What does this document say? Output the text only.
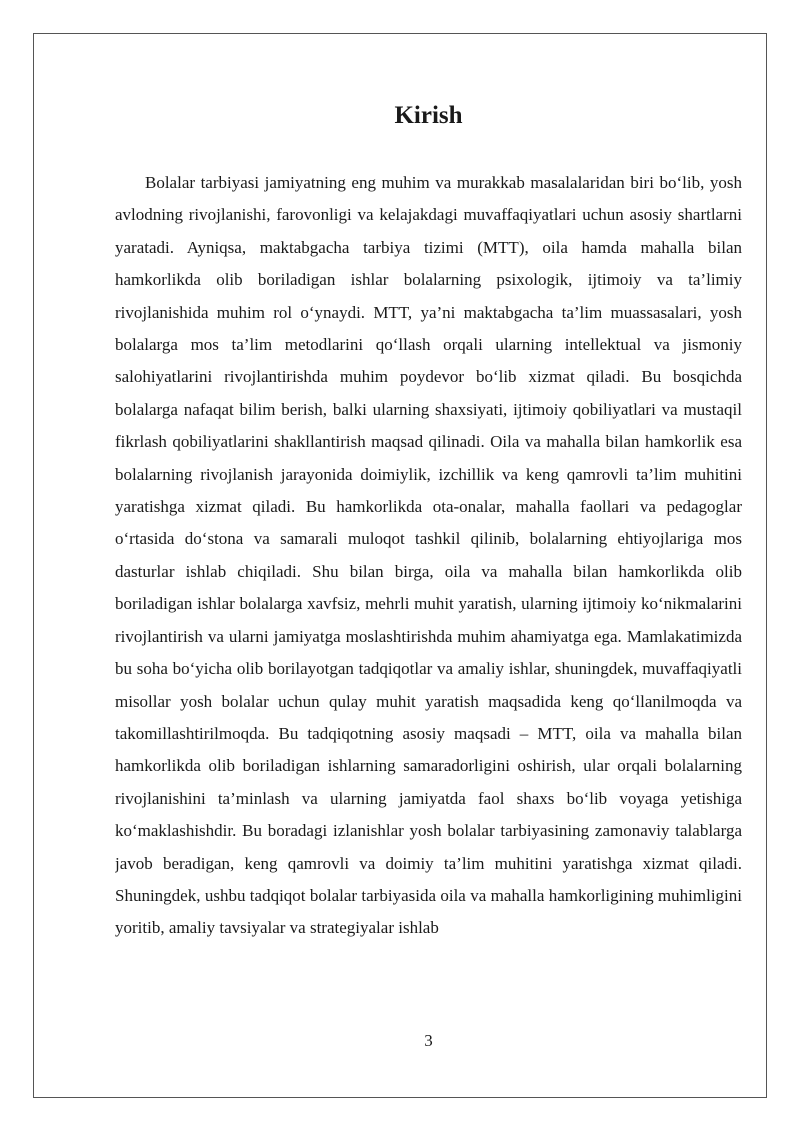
Kirish

Bolalar tarbiyasi jamiyatning eng muhim va murakkab masalalaridan biri bo‘lib, yosh avlodning rivojlanishi, farovonligi va kelajakdagi muvaffaqiyatlari uchun asosiy shartlarni yaratadi. Ayniqsa, maktabgacha tarbiya tizimi (MTT), oila hamda mahalla bilan hamkorlikda olib boriladigan ishlar bolalarning psixologik, ijtimoiy va ta’limiy rivojlanishida muhim rol o‘ynaydi. MTT, ya’ni maktabgacha ta’lim muassasalari, yosh bolalarga mos ta’lim metodlarini qo‘llash orqali ularning intellektual va jismoniy salohiyatlarini rivojlantirishda muhim poydevor bo‘lib xizmat qiladi. Bu bosqichda bolalarga nafaqat bilim berish, balki ularning shaxsiyati, ijtimoiy qobiliyatlari va mustaqil fikrlash qobiliyatlarini shakllantirish maqsad qilinadi. Oila va mahalla bilan hamkorlik esa bolalarning rivojlanish jarayonida doimiylik, izchillik va keng qamrovli ta’lim muhitini yaratishga xizmat qiladi. Bu hamkorlikda ota-onalar, mahalla faollari va pedagoglar o‘rtasida do‘stona va samarali muloqot tashkil qilinib, bolalarning ehtiyojlariga mos dasturlar ishlab chiqiladi. Shu bilan birga, oila va mahalla bilan hamkorlikda olib boriladigan ishlar bolalarga xavfsiz, mehrli muhit yaratish, ularning ijtimoiy ko‘nikmalarini rivojlantirish va ularni jamiyatga moslashtirishda muhim ahamiyatga ega. Mamlakatimizda bu soha bo‘yicha olib borilayotgan tadqiqotlar va amaliy ishlar, shuningdek, muvaffaqiyatli misollar yosh bolalar uchun qulay muhit yaratish maqsadida keng qo‘llanilmoqda va takomillashtirilmoqda. Bu tadqiqotning asosiy maqsadi – MTT, oila va mahalla bilan hamkorlikda olib boriladigan ishlarning samaradorligini oshirish, ular orqali bolalarning rivojlanishini ta’minlash va ularning jamiyatda faol shaxs bo‘lib voyaga yetishiga ko‘maklashishdir. Bu boradagi izlanishlar yosh bolalar tarbiyasining zamonaviy talablarga javob beradigan, keng qamrovli va doimiy ta’lim muhitini yaratishga xizmat qiladi. Shuningdek, ushbu tadqiqot bolalar tarbiyasida oila va mahalla hamkorligining muhimligini yoritib, amaliy tavsiyalar va strategiyalar ishlab

3
